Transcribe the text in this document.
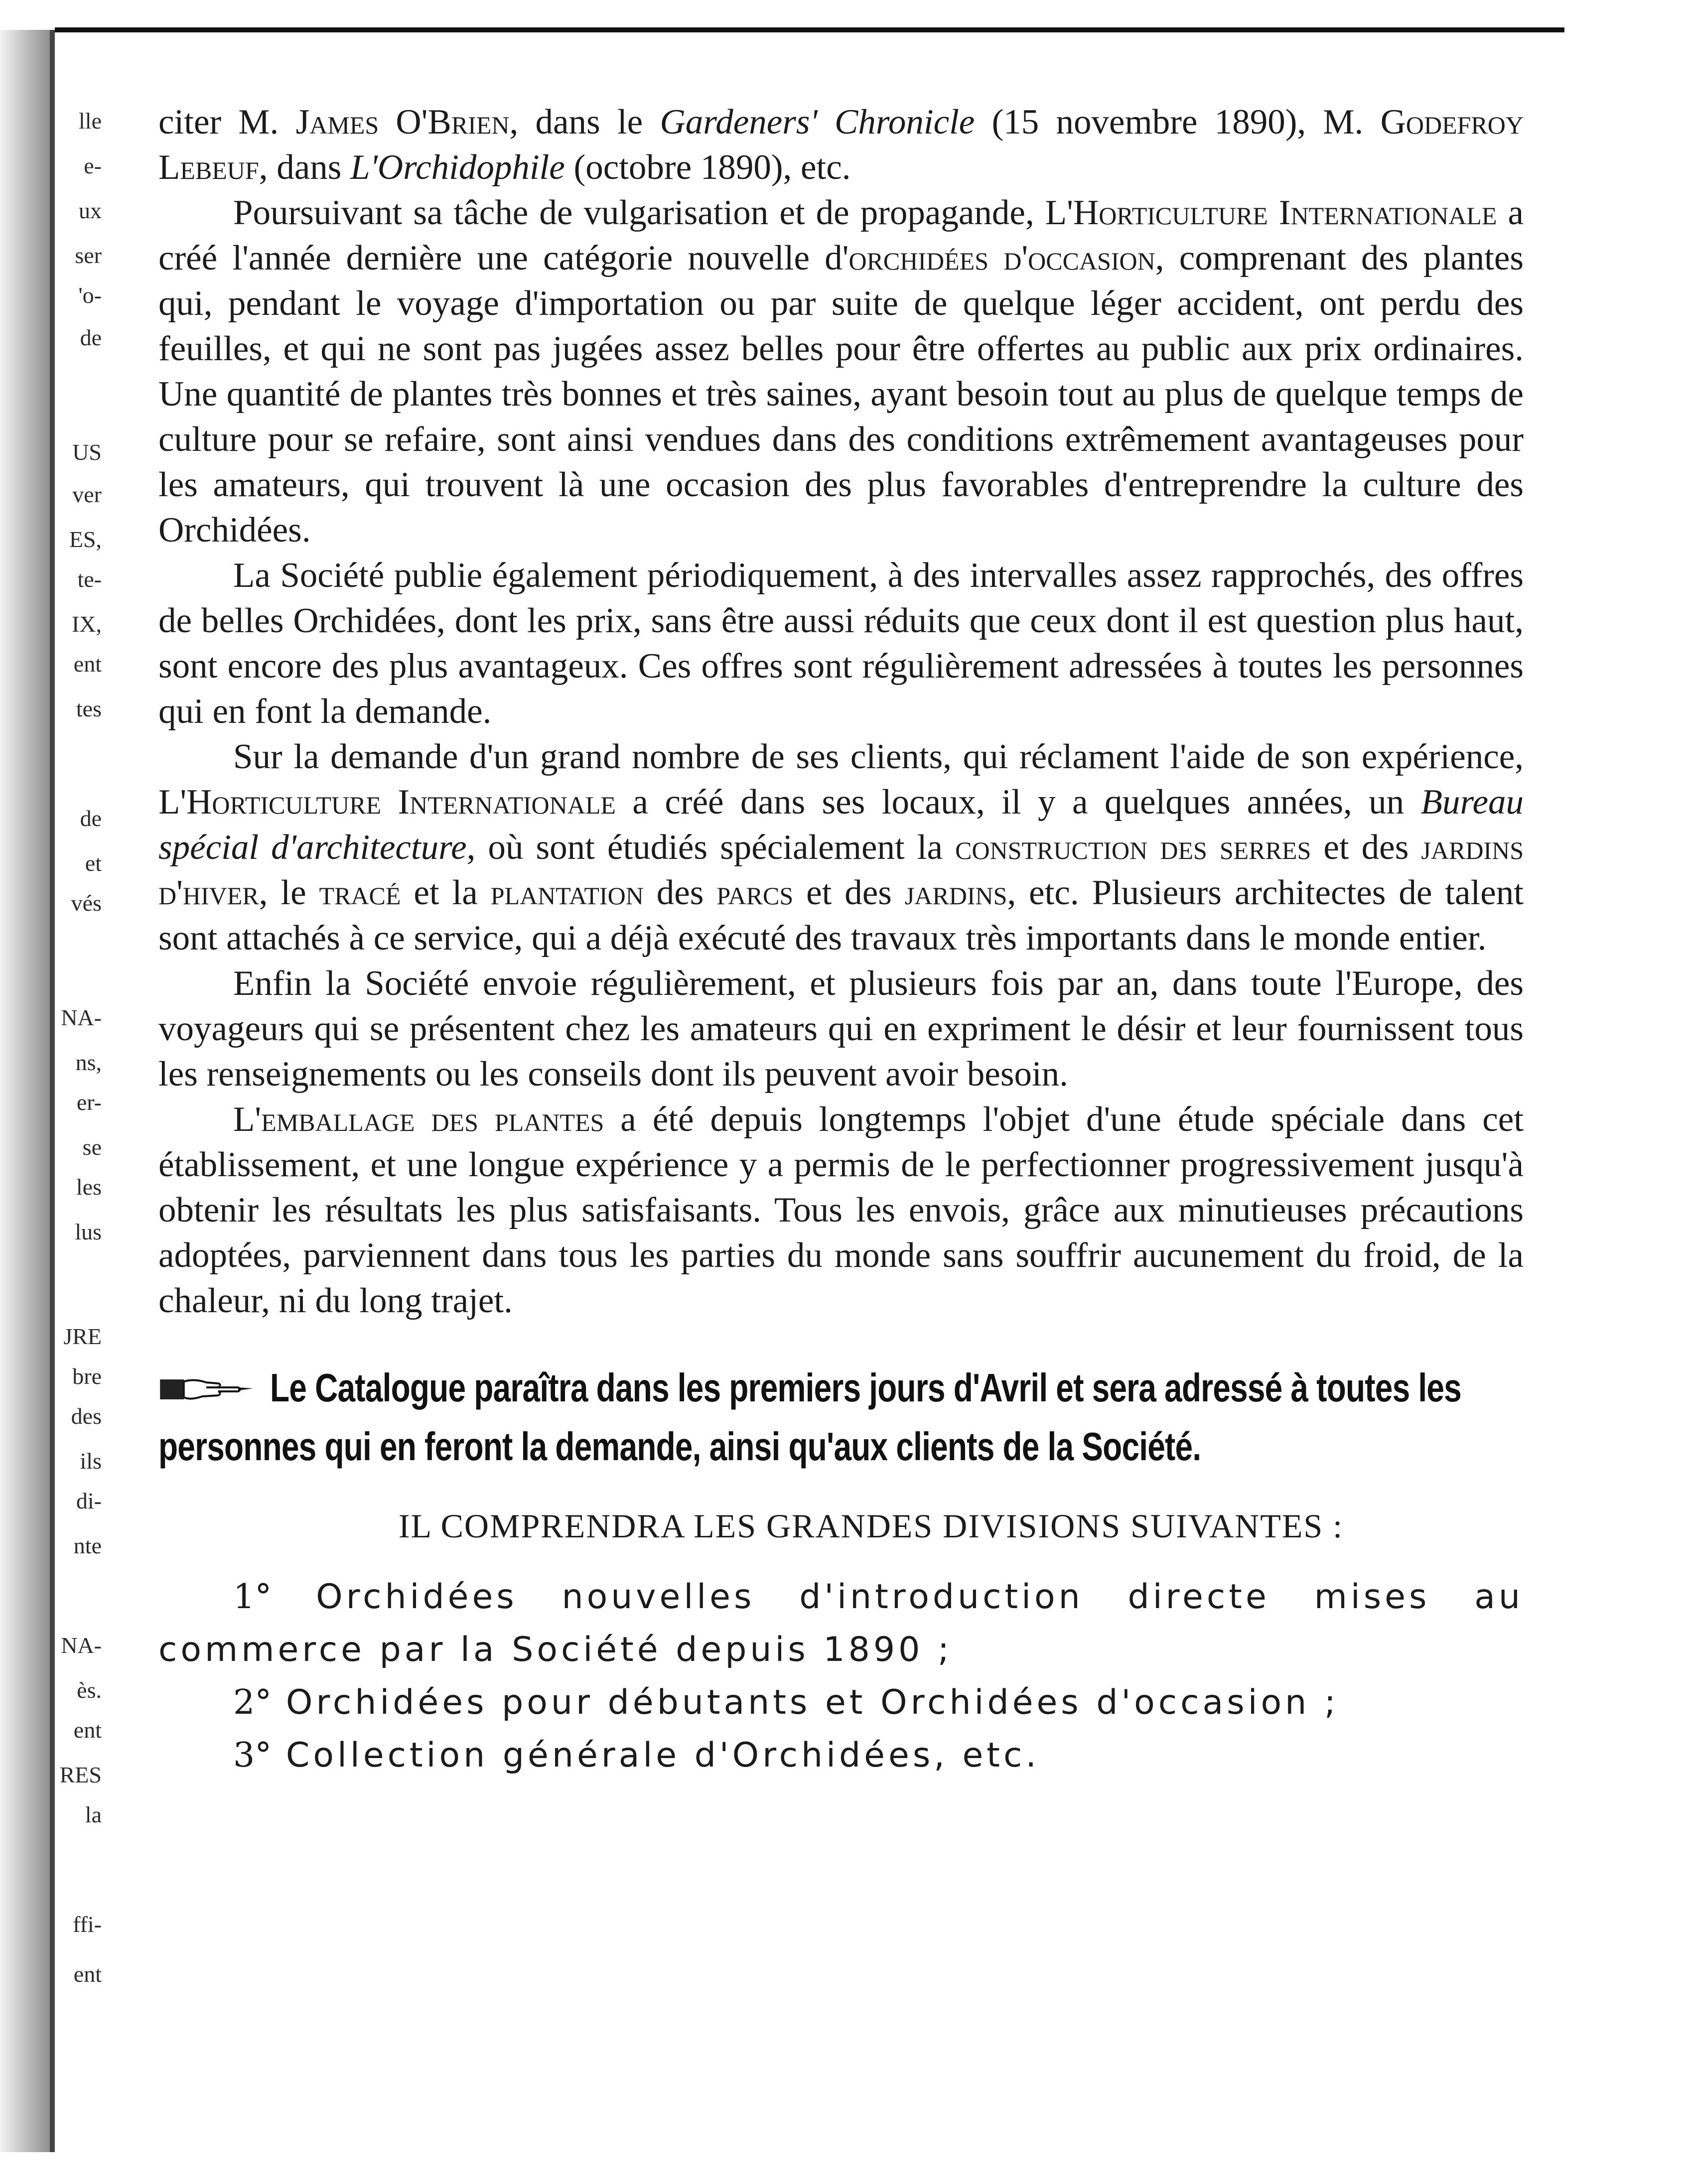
lle
e-
ux
ser
'o-
de
US
ver
ES,
te-
IX,
ent
tes
de
et
vés
NA-
ns,
er-
se
les
lus
JRE
bre
des
ils
di-
nte
NA-
ès.
ent
RES
la
ffi-
ent

citer M. James O'Brien, dans le Gardeners' Chronicle (15 novembre 1890), M. Godefroy Lebeuf, dans L'Orchidophile (octobre 1890), etc.

Poursuivant sa tâche de vulgarisation et de propagande, L'Horticulture Internationale a créé l'année dernière une catégorie nouvelle d'orchidées d'occasion, comprenant des plantes qui, pendant le voyage d'importation ou par suite de quelque léger accident, ont perdu des feuilles, et qui ne sont pas jugées assez belles pour être offertes au public aux prix ordinaires. Une quantité de plantes très bonnes et très saines, ayant besoin tout au plus de quelque temps de culture pour se refaire, sont ainsi vendues dans des conditions extrêmement avantageuses pour les amateurs, qui trouvent là une occasion des plus favorables d'entreprendre la culture des Orchidées.

La Société publie également périodiquement, à des intervalles assez rapprochés, des offres de belles Orchidées, dont les prix, sans être aussi réduits que ceux dont il est question plus haut, sont encore des plus avantageux. Ces offres sont régulièrement adressées à toutes les personnes qui en font la demande.

Sur la demande d'un grand nombre de ses clients, qui réclament l'aide de son expérience, L'Horticulture Internationale a créé dans ses locaux, il y a quelques années, un Bureau spécial d'architecture, où sont étudiés spécialement la construction des serres et des jardins d'hiver, le tracé et la plantation des parcs et des jardins, etc. Plusieurs architectes de talent sont attachés à ce service, qui a déjà exécuté des travaux très importants dans le monde entier.

Enfin la Société envoie régulièrement, et plusieurs fois par an, dans toute l'Europe, des voyageurs qui se présentent chez les amateurs qui en expriment le désir et leur fournissent tous les renseignements ou les conseils dont ils peuvent avoir besoin.

L'emballage des plantes a été depuis longtemps l'objet d'une étude spéciale dans cet établissement, et une longue expérience y a permis de le perfectionner progressivement jusqu'à obtenir les résultats les plus satisfaisants. Tous les envois, grâce aux minutieuses précautions adoptées, parviennent dans tous les parties du monde sans souffrir aucunement du froid, de la chaleur, ni du long trajet.

Le Catalogue paraîtra dans les premiers jours d'Avril et sera adressé à toutes les personnes qui en feront la demande, ainsi qu'aux clients de la Société.
IL COMPRENDRA LES GRANDES DIVISIONS SUIVANTES :

1° Orchidées nouvelles d'introduction directe mises au commerce par la Société depuis 1890 ;

2° Orchidées pour débutants et Orchidées d'occasion ;

3° Collection générale d'Orchidées, etc.
